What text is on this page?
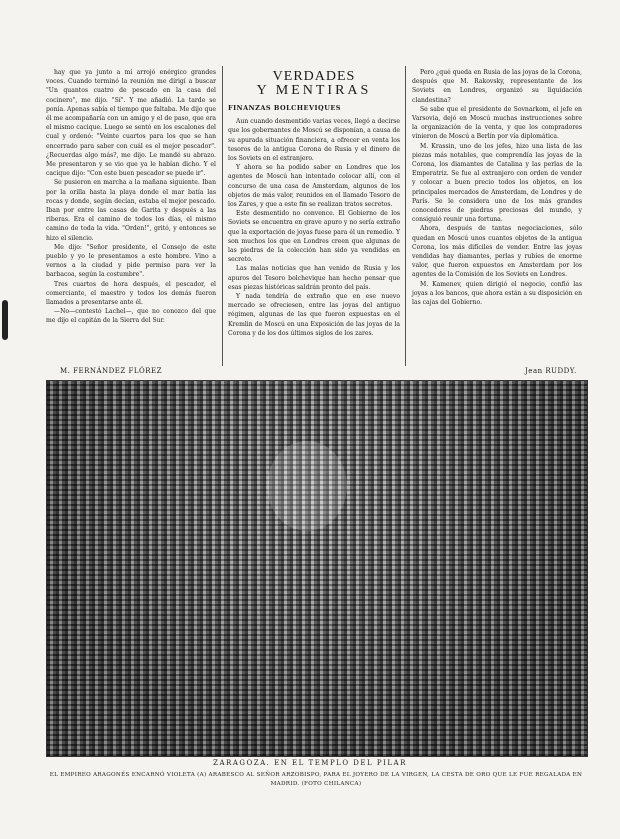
hay que ya junto a mí arrojó enérgico grandes voces. Cuando terminó la reunión me dirigí a buscar "Un quantos cuatro de pescado en la casa del cocinero", me dijo. "Sí". Y me añadió. La tarde se ponía. Apenas sabía el tiempo que faltaba. Me dijo que él me acompañaría con un amigo y el de paso, que era el mismo cacique. Luego se sentó en los escalones del cual y ordenó: "Veinte cuartos para los que se han encerrado para saber con cuál es el mejor pescador". ¿Recuerdas algo más?, me dijo. Le mandé su abrazo. Me presentaron y se vio que ya le habían dicho. Y el cacique dijo: "Con este buen pescador se puede ir".

Se pusieron en marcha a la mañana siguiente. Iban por la orilla hasta la playa donde el mar batía las rocas y donde, según decían, estaba el mejor pescado. Iban por entre las casas de Garita y después a las riberas. Era el camino de todos los días, el mismo camino de toda la vida. "Orden!", gritó, y entonces se hizo el silencio.

Me dijo: "Señor presidente, el Consejo de este pueblo y yo le presentamos a este hombre. Vino a vernos a la ciudad y pide permiso para ver la barbacoa, según la costumbre".

Tres cuartos de hora después, el pescador, el comerciante, el maestro y todos los demás fueron llamados a presentarse ante él.

—No—contestó Lachel—, que no conozco del que me dijo el capitán de la Sierra del Sur.

VERDADES
Y MENTIRAS
FINANZAS BOLCHEVIQUES

Aun cuando desmentido varias veces, llegó a decirse que los gobernantes de Moscú se disponían, a causa de su apurada situación financiera, a ofrecer en venta los tesoros de la antigua Corona de Rusia y el dinero de los Soviets en el extranjero.

Y ahora se ha podido saber en Londres que los agentes de Moscú han intentado colocar allí, con el concurso de una casa de Amsterdam, algunos de los objetos de más valor, reunidos en el llamado Tesoro de los Zares, y que a este fin se realizan tratos secretos.

Este desmentido no convence. El Gobierno de los Soviets se encuentra en grave apuro y no sería extraño que la exportación de joyas fuese para él un remedio. Y son muchos los que en Londres creen que algunas de las piedras de la colección han sido ya vendidas en secreto.

Las malas noticias que han venido de Rusia y los apuros del Tesoro bolchevique han hecho pensar que esas piezas históricas saldrán pronto del país.

Y nada tendría de extraño que en ese nuevo mercado se ofreciesen, entre las joyas del antiguo régimen, algunas de las que fueron expuestas en el Kremlin de Moscú en una Exposición de las joyas de la Corona y de los dos últimos siglos de los zares.

Pero ¿qué queda en Rusia de las joyas de la Corona, después que M. Rakovsky, representante de los Soviets en Londres, organizó su liquidación clandestina?

Se sabe que el presidente de Sovnarkom, el jefe en Varsovia, dejó en Moscú muchas instrucciones sobre la organización de la venta, y que los compradores vinieron de Moscú a Berlín por vía diplomática.

M. Krassin, uno de los jefes, hizo una lista de las piezas más notables, que comprendía las joyas de la Corona, los diamantes de Catalina y las perlas de la Emperatriz. Se fue al extranjero con orden de vender y colocar a buen precio todos los objetos, en los principales mercados de Amsterdam, de Londres y de París. Se le considera uno de los más grandes conocedores de piedras preciosas del mundo, y consiguió reunir una fortuna.

Ahora, después de tantas negociaciones, sólo quedan en Moscú unos cuantos objetos de la antigua Corona, los más difíciles de vender. Entre las joyas vendidas hay diamantes, perlas y rubíes de enorme valor, que fueron expuestos en Amsterdam por los agentes de la Comisión de los Soviets en Londres.

M. Kamenev, quien dirigió el negocio, confió las joyas a los bancos, que ahora están a su disposición en las cajas del Gobierno.

M. FERNÁNDEZ FLÓREZ	Jean RUDDY.
ZARAGOZA. EN EL TEMPLO DEL PILAR
EL EMPIREO ARAGONÉS ENCARNÓ VIOLETA (A) ARABESCO AL SEÑOR ARZOBISPO, PARA EL JOYERO DE LA VIRGEN, LA CESTA DE ORO QUE LE FUE REGALADA EN MADRID. (FOTO CHILANCA)
